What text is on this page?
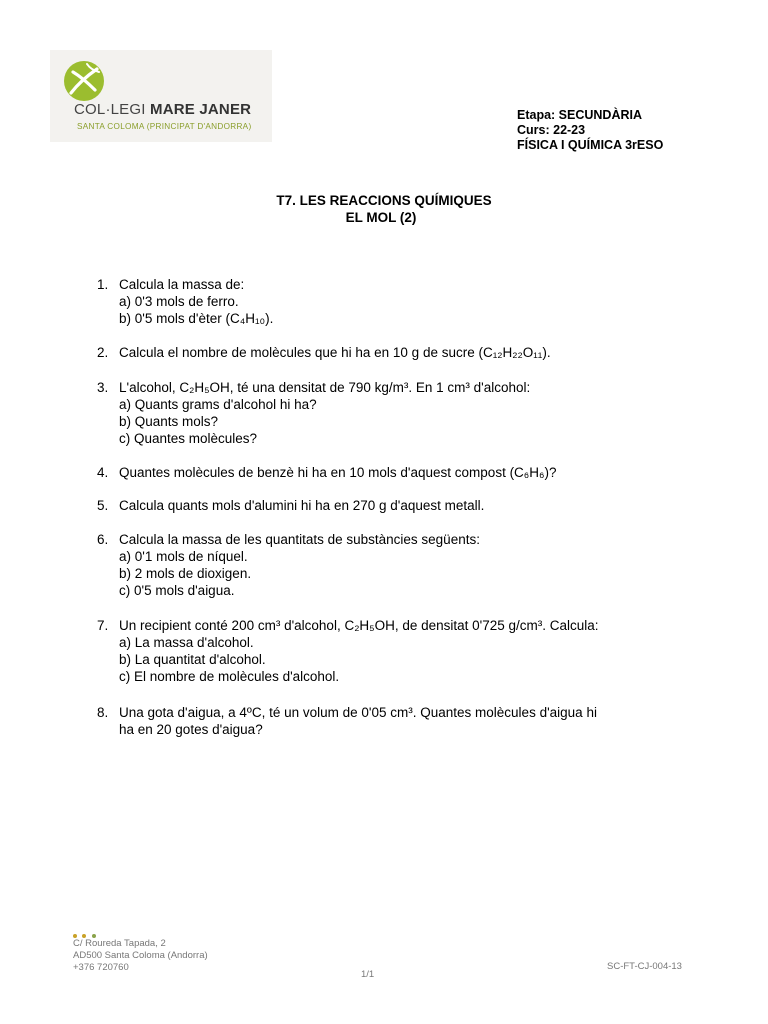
COL·LEGI MARE JANER
SANTA COLOMA (PRINCIPAT D'ANDORRA)
Etapa: SECUNDÀRIA
Curs: 22-23
FÍSICA I QUÍMICA 3rESO
T7. LES REACCIONS QUÍMIQUES
EL MOL (2)
1. Calcula la massa de:
a) 0'3 mols de ferro.
b) 0'5 mols d'èter (C₄H₁₀).
2. Calcula el nombre de molècules que hi ha en 10 g de sucre (C₁₂H₂₂O₁₁).
3. L'alcohol, C₂H₅OH, té una densitat de 790 kg/m³. En 1 cm³ d'alcohol:
a) Quants grams d'alcohol hi ha?
b) Quants mols?
c) Quantes molècules?
4. Quantes molècules de benzè hi ha en 10 mols d'aquest compost (C₆H₆)?
5. Calcula quants mols d'alumini hi ha en 270 g d'aquest metall.
6. Calcula la massa de les quantitats de substàncies següents:
a) 0'1 mols de níquel.
b) 2 mols de dioxigen.
c) 0'5 mols d'aigua.
7. Un recipient conté 200 cm³ d'alcohol, C₂H₅OH, de densitat 0'725 g/cm³. Calcula:
a) La massa d'alcohol.
b) La quantitat d'alcohol.
c) El nombre de molècules d'alcohol.
8. Una gota d'aigua, a 4ºC, té un volum de 0'05 cm³. Quantes molècules d'aigua hi
ha en 20 gotes d'aigua?

C/ Roureda Tapada, 2
AD500 Santa Coloma (Andorra)
+376 720760
1/1
SC-FT-CJ-004-13
